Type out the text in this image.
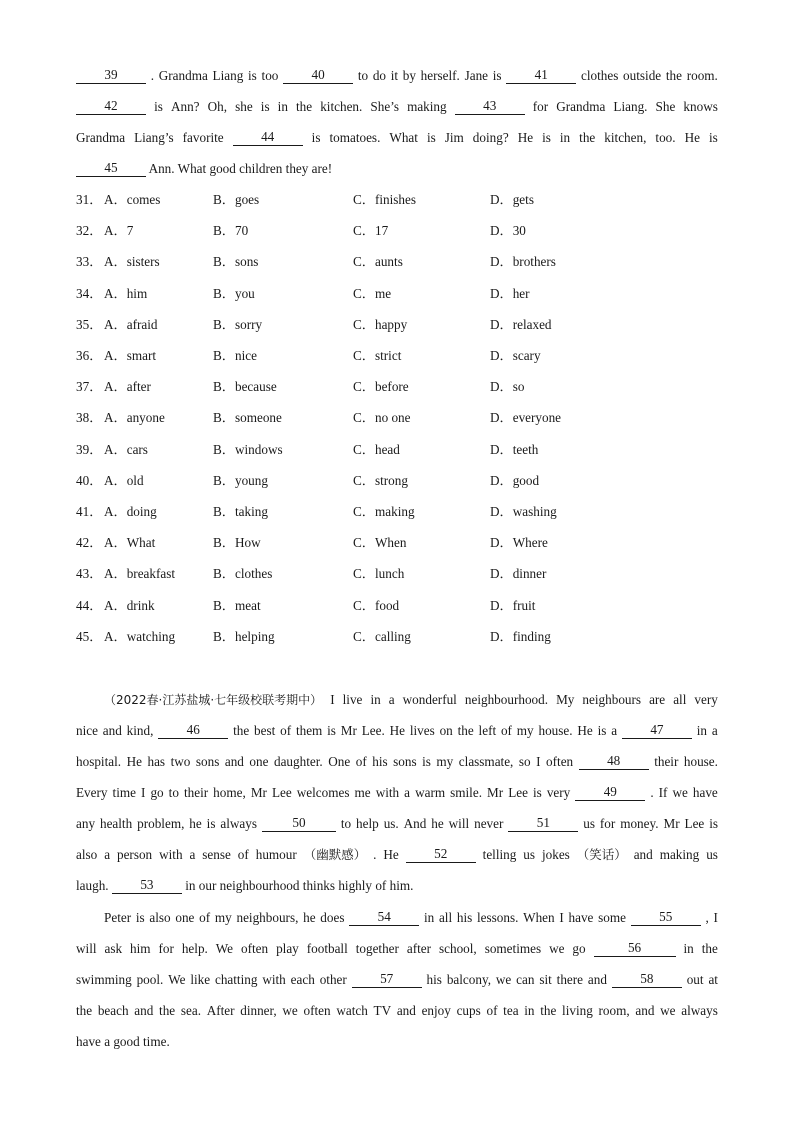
39	. Grandma Liang is too	40	to do it by herself. Jane is	41	clothes outside the room.
42	is Ann? Oh, she is in the kitchen. She’s making	43	for Grandma Liang. She knows
Grandma Liang’s favorite	44	is tomatoes. What is Jim doing? He is in the kitchen, too. He is
45	Ann. What good children they are!
31． A．comes	B．goes	C．finishes	D．gets
32． A．7	B．70	C．17	D．30
33． A．sisters	B．sons	C．aunts	D．brothers
34． A．him	B．you	C．me	D．her
35． A．afraid	B．sorry	C．happy	D．relaxed
36． A．smart	B．nice	C．strict	D．scary
37． A．after	B．because	C．before	D．so
38． A．anyone	B．someone	C．no one	D．everyone
39． A．cars	B．windows	C．head	D．teeth
40． A．old	B．young	C．strong	D．good
41． A．doing	B．taking	C．making	D．washing
42． A．What	B．How	C．When	D．Where
43． A．breakfast	B．clothes	C．lunch	D．dinner
44． A．drink	B．meat	C．food	D．fruit
45． A．watching	B．helping	C．calling	D．finding
（2022春·江苏盐城·七年级校联考期中） I live in a wonderful neighbourhood. My neighbours are all very
nice and kind,	46	the best of them is Mr Lee. He lives on the left of my house. He is a	47	in a
hospital. He has two sons and one daughter. One of his sons is my classmate, so I often	48	their house.
Every time I go to their home, Mr Lee welcomes me with a warm smile. Mr Lee is very	49	. If we have
any health problem, he is always	50	to help us. And he will never	51	us for money. Mr Lee is
also a person with a sense of humour （幽默感） . He	52	telling us jokes （笑话） and making us
laugh.	53	in our neighbourhood thinks highly of him.
Peter is also one of my neighbours, he does	54	in all his lessons. When I have some	55	, I
will ask him for help. We often play football together after school, sometimes we go	56	in the
swimming pool. We like chatting with each other	57	his balcony, we can sit there and	58	out at
the beach and the sea. After dinner, we often watch TV and enjoy cups of tea in the living room, and we always
have a good time.
